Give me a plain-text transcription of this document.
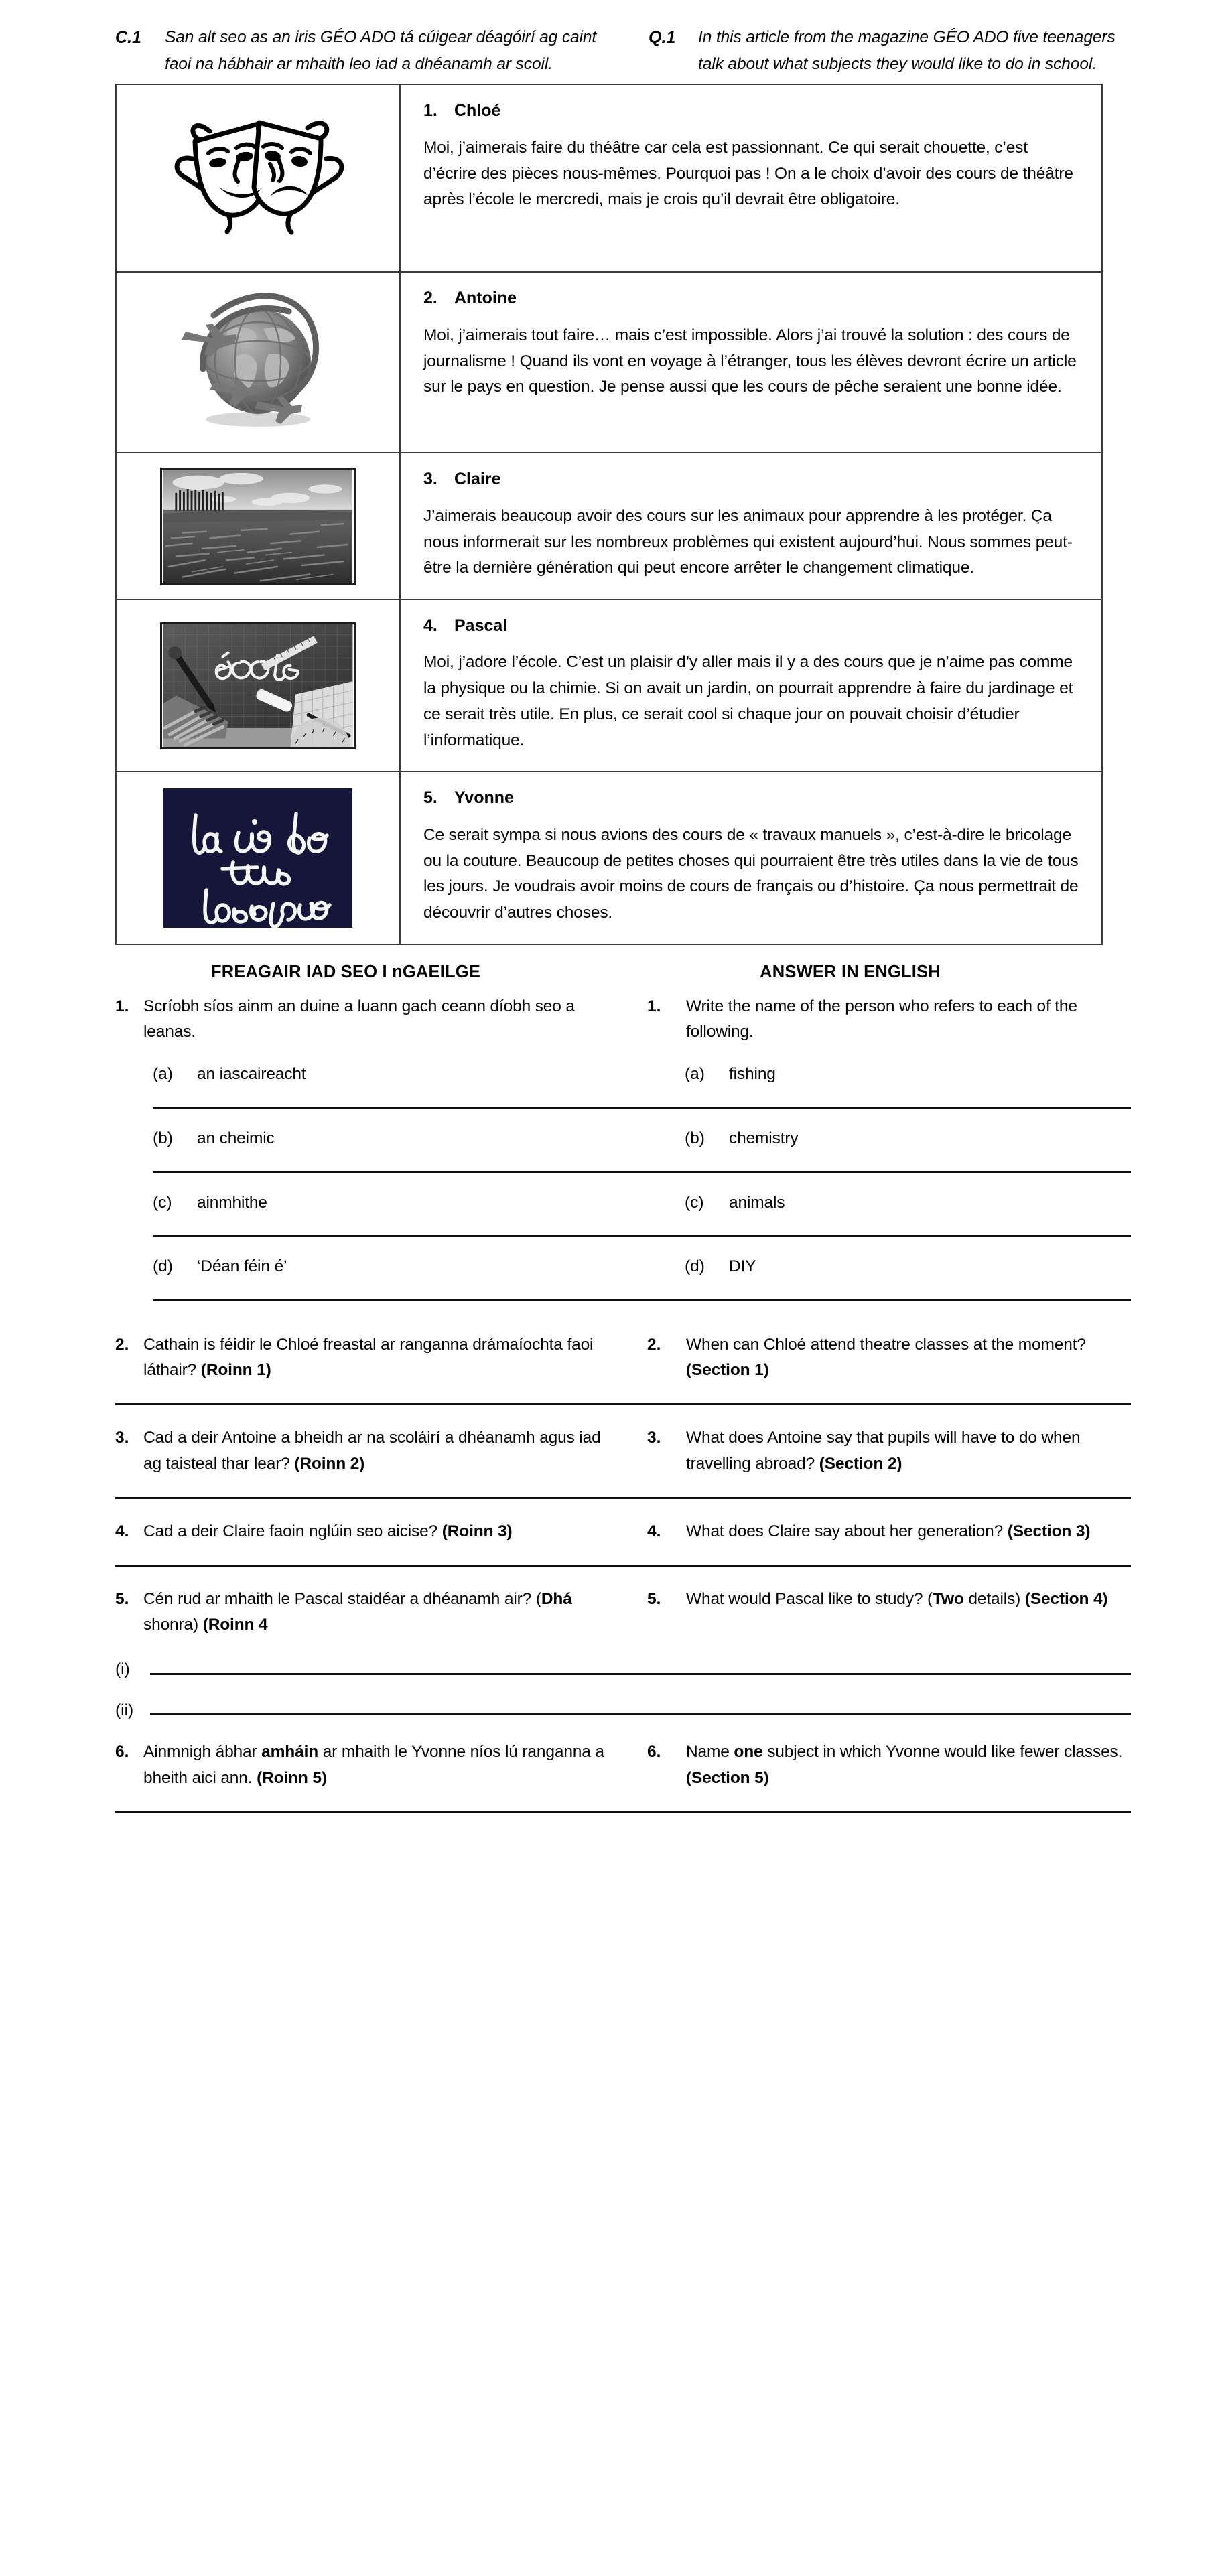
C.1	San alt seo as an iris GÉO ADO tá cúigear déagóirí ag caint faoi na hábhair ar mhaith leo iad a dhéanamh ar scoil.
Q.1	In this article from the magazine GÉO ADO five teenagers talk about what subjects they would like to do in school.
1.	Chloé

Moi, j’aimerais faire du théâtre car cela est passionnant. Ce qui serait chouette, c’est d’écrire des pièces nous-mêmes. Pourquoi pas ! On a le choix d’avoir des cours de théâtre après l’école le mercredi, mais je crois qu’il devrait être obligatoire.

2.	Antoine

Moi, j’aimerais tout faire… mais c’est impossible. Alors j’ai trouvé la solution : des cours de journalisme ! Quand ils vont en voyage à l’étranger, tous les élèves devront écrire un article sur le pays en question. Je pense aussi que les cours de pêche seraient une bonne idée.

3.	Claire

J’aimerais beaucoup avoir des cours sur les animaux pour apprendre à les protéger. Ça nous informerait sur les nombreux problèmes qui existent aujourd’hui. Nous sommes peut-être la dernière génération qui peut encore arrêter le changement climatique.

4.	Pascal

Moi, j’adore l’école. C’est un plaisir d’y aller mais il y a des cours que je n’aime pas comme la physique ou la chimie. Si on avait un jardin, on pourrait apprendre à faire du jardinage et ce serait très utile. En plus, ce serait cool si chaque jour on pouvait choisir d’étudier l’informatique.

5.	Yvonne

Ce serait sympa si nous avions des cours de « travaux manuels », c’est-à-dire le bricolage ou la couture. Beaucoup de petites choses qui pourraient être très utiles dans la vie de tous les jours. Je voudrais avoir moins de cours de français ou d’histoire. Ça nous permettrait de découvrir d’autres choses.

FREAGAIR IAD SEO I nGAEILGE	ANSWER IN ENGLISH
1. Scríobh síos ainm an duine a luann gach ceann díobh seo a leanas.
1.	Write the name of the person who refers to each of the following.
(a)	an iascaireacht	(a)	fishing
(b)	an cheimic	(b)	chemistry
(c)	ainmhithe	(c)	animals
(d)	‘Déan féin é’	(d)	DIY
2. Cathain is féidir le Chloé freastal ar ranganna drámaíochta faoi láthair? (Roinn 1)
2.	When can Chloé attend theatre classes at the moment? (Section 1)
3. Cad a deir Antoine a bheidh ar na scoláirí a dhéanamh agus iad ag taisteal thar lear? (Roinn 2)
3.	What does Antoine say that pupils will have to do when travelling abroad? (Section 2)
4. Cad a deir Claire faoin nglúin seo aicise? (Roinn 3)	4.	What does Claire say about her generation? (Section 3)
5. Cén rud ar mhaith le Pascal staidéar a dhéanamh air? (Dhá shonra) (Roinn 4
5.	What would Pascal like to study? (Two details) (Section 4)
(i)
(ii)
6. Ainmnigh ábhar amháin ar mhaith le Yvonne níos lú ranganna a bheith aici ann. (Roinn 5)
6.	Name one subject in which Yvonne would like fewer classes. (Section 5)
